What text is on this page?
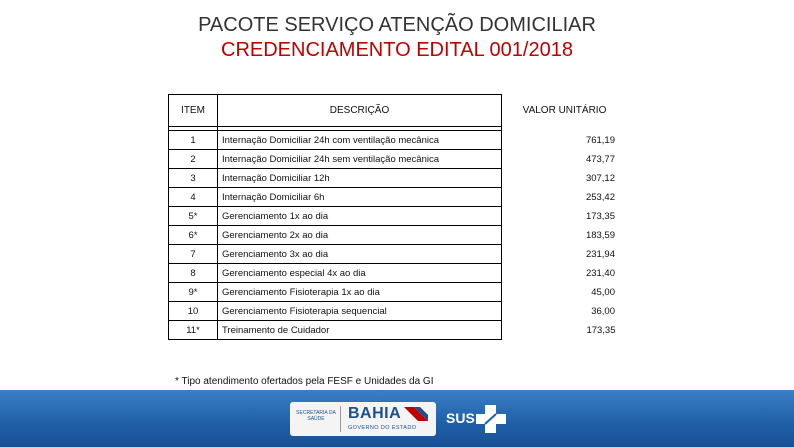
PACOTE SERVIÇO ATENÇÃO DOMICILIAR
CREDENCIAMENTO EDITAL 001/2018
ITEM	DESCRIÇÃO	VALOR UNITÁRIO

1	Internação Domiciliar 24h com ventilação mecânica	761,19
2	Internação Domiciliar 24h sem ventilação mecânica	473,77
3	Internação Domiciliar 12h	307,12
4	Internação Domiciliar 6h	253,42
5*	Gerenciamento 1x ao dia	173,35
6*	Gerenciamento 2x ao dia	183,59
7	Gerenciamento 3x ao dia	231,94
8	Gerenciamento especial 4x ao dia	231,40
9*	Gerenciamento Fisioterapia 1x ao dia	45,00
10	Gerenciamento Fisioterapia sequencial	36,00
11*	Treinamento de Cuidador	173,35
* Tipo atendimento ofertados pela FESF e Unidades da GI
SECRETARIA DA SAÚDE	BAHIA
GOVERNO DO ESTADO
SUS
